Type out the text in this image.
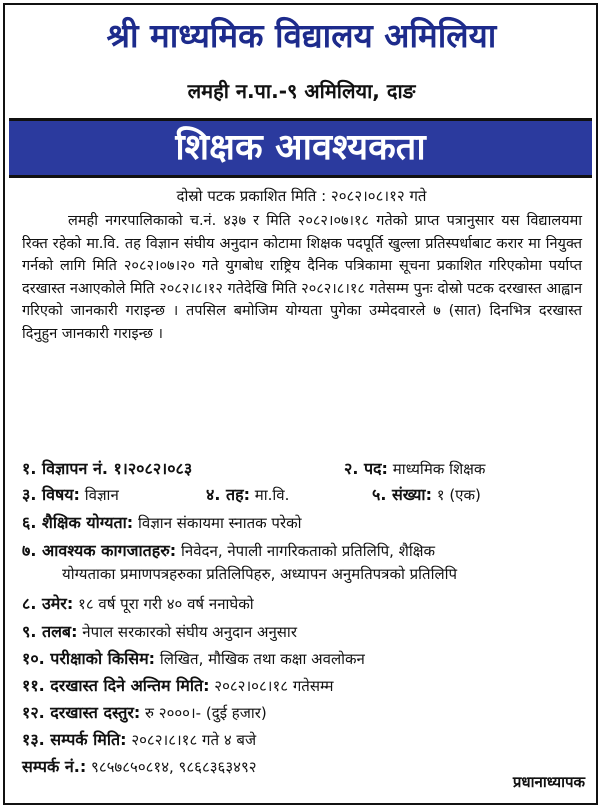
श्री माध्यमिक विद्यालय अमिलिया
लमही न.पा.-९ अमिलिया, दाङ
शिक्षक आवश्यकता
दोस्रो पटक प्रकाशित मिति : २०८२।०८।१२ गते

लमही नगरपालिकाको च.नं. ४३७ र मिति २०८२।०७।१८ गतेको प्राप्त पत्रानुसार यस विद्यालयमा रिक्त रहेको मा.वि. तह विज्ञान संघीय अनुदान कोटामा शिक्षक पदपूर्ति खुल्ला प्रतिस्पर्धाबाट करार मा नियुक्त गर्नको लागि मिति २०८२।०७।२० गते युगबोध राष्ट्रिय दैनिक पत्रिकामा सूचना प्रकाशित गरिएकोमा पर्याप्त दरखास्त नआएकोले मिति २०८२।८।१२ गतेदेखि मिति २०८२।८।१८ गतेसम्म पुनः दोस्रो पटक दरखास्त आह्वान गरिएको जानकारी गराइन्छ । तपसिल बमोजिम योग्यता पुगेका उम्मेदवारले ७ (सात) दिनभित्र दरखास्त दिनुहुन जानकारी गराइन्छ ।

१. विज्ञापन नं. १।२०८२।०८३	२. पद: माध्यमिक शिक्षक
३. विषय: विज्ञान	४. तह: मा.वि.	५. संख्या: १ (एक)
६. शैक्षिक योग्यता: विज्ञान संकायमा स्नातक परेको
७. आवश्यक कागजातहरु: निवेदन, नेपाली नागरिकताको प्रतिलिपि, शैक्षिक
योग्यताका प्रमाणपत्रहरुका प्रतिलिपिहरु, अध्यापन अनुमतिपत्रको प्रतिलिपि
८. उमेर: १८ वर्ष पूरा गरी ४० वर्ष ननाघेको
९. तलब: नेपाल सरकारको संघीय अनुदान अनुसार
१०. परीक्षाको किसिम: लिखित, मौखिक तथा कक्षा अवलोकन
११. दरखास्त दिने अन्तिम मिति: २०८२।०८।१८ गतेसम्म
१२. दरखास्त दस्तुर: रु २०००।- (दुई हजार)
१३. सम्पर्क मिति: २०८२।८।१८ गते ४ बजे
सम्पर्क नं.: ९८५७८५०८१४, ९८६८३६३४९२
प्रधानाध्यापक
